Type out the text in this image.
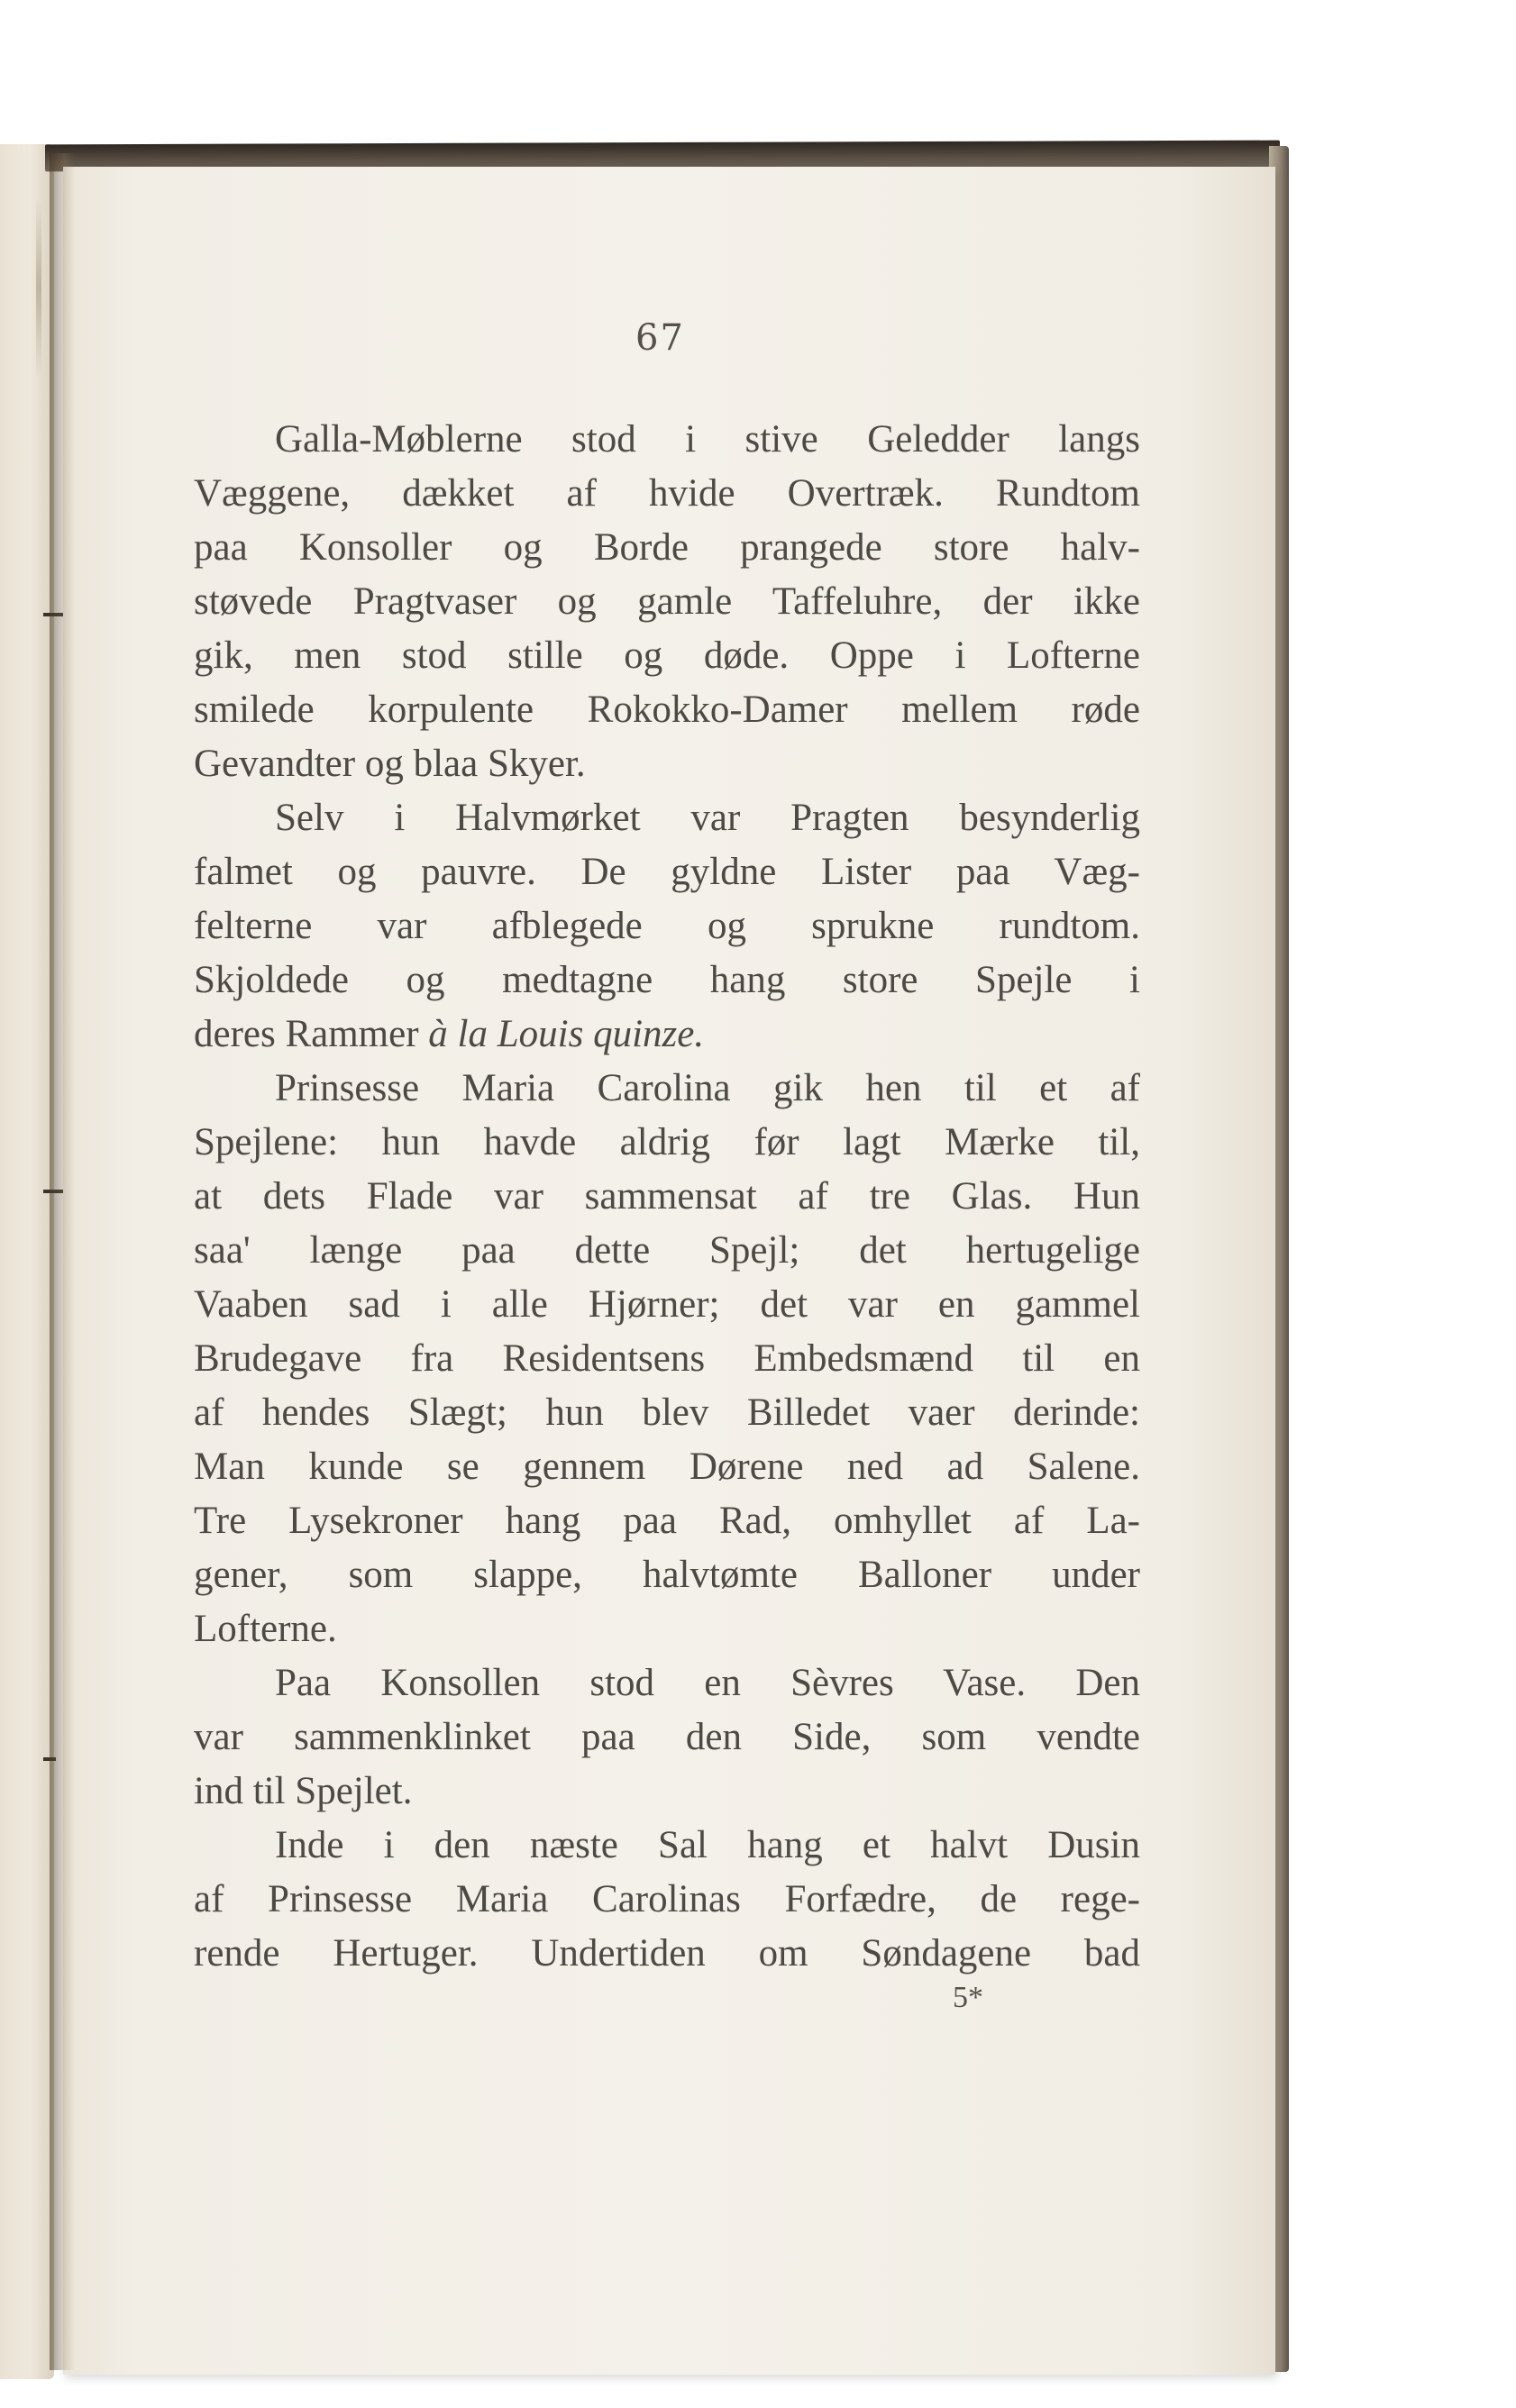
67
Galla-Møblerne stod i stive Geledder langs
Væggene, dækket af hvide Overtræk. Rundtom
paa Konsoller og Borde prangede store halv-
støvede Pragtvaser og gamle Taffeluhre, der ikke
gik, men stod stille og døde. Oppe i Lofterne
smilede korpulente Rokokko-Damer mellem røde
Gevandter og blaa Skyer.
Selv i Halvmørket var Pragten besynderlig
falmet og pauvre. De gyldne Lister paa Væg-
felterne var afblegede og sprukne rundtom.
Skjoldede og medtagne hang store Spejle i
deres Rammer à la Louis quinze.
Prinsesse Maria Carolina gik hen til et af
Spejlene: hun havde aldrig før lagt Mærke til,
at dets Flade var sammensat af tre Glas. Hun
saa' længe paa dette Spejl; det hertugelige
Vaaben sad i alle Hjørner; det var en gammel
Brudegave fra Residentsens Embedsmænd til en
af hendes Slægt; hun blev Billedet vaer derinde:
Man kunde se gennem Dørene ned ad Salene.
Tre Lysekroner hang paa Rad, omhyllet af La-
gener, som slappe, halvtømte Balloner under
Lofterne.
Paa Konsollen stod en Sèvres Vase. Den
var sammenklinket paa den Side, som vendte
ind til Spejlet.
Inde i den næste Sal hang et halvt Dusin
af Prinsesse Maria Carolinas Forfædre, de rege-
rende Hertuger. Undertiden om Søndagene bad
5*
